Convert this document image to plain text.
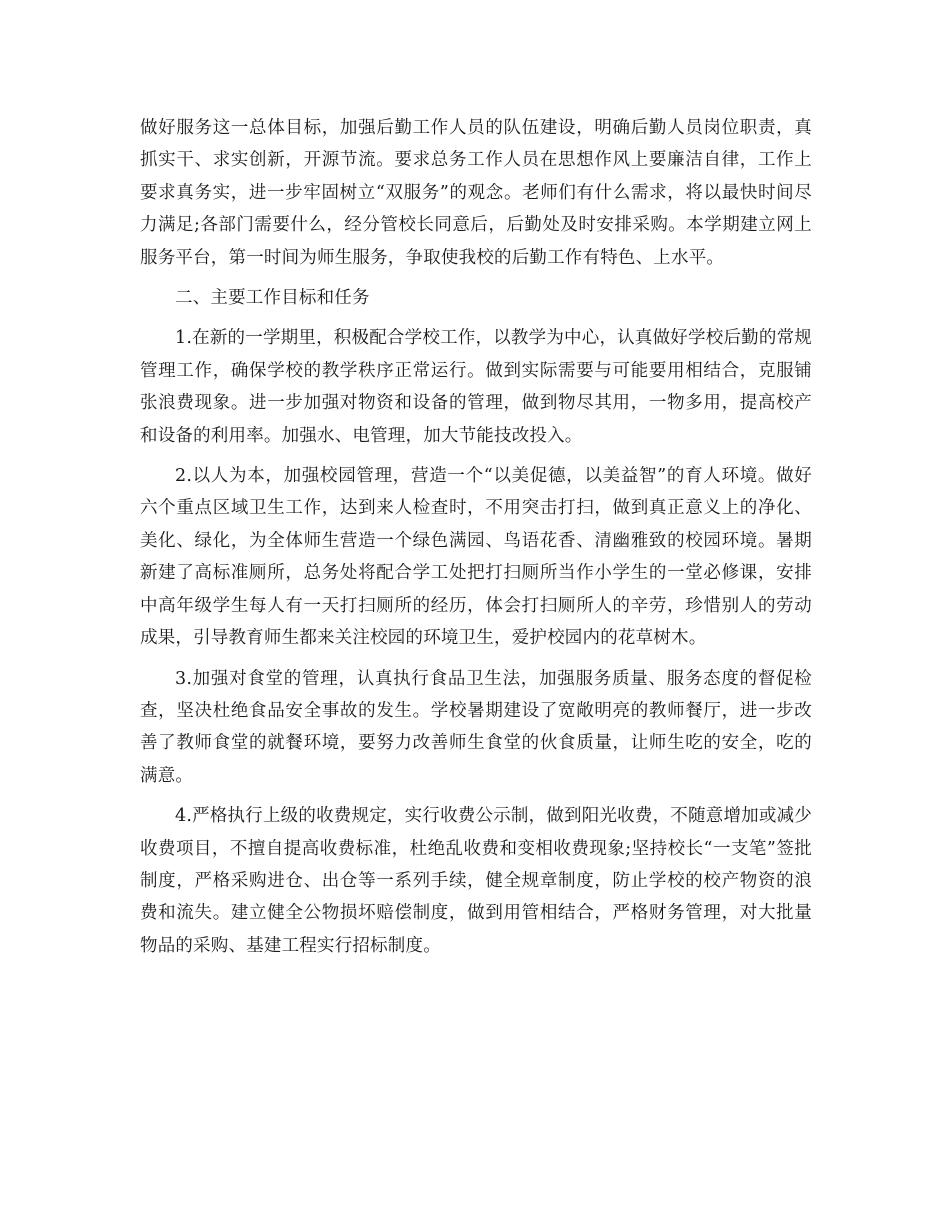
做好服务这一总体目标，加强后勤工作人员的队伍建设，明确后勤人员岗位职责，真抓实干、求实创新，开源节流。要求总务工作人员在思想作风上要廉洁自律，工作上要求真务实，进一步牢固树立“双服务”的观念。老师们有什么需求，将以最快时间尽力满足;各部门需要什么，经分管校长同意后，后勤处及时安排采购。本学期建立网上服务平台，第一时间为师生服务，争取使我校的后勤工作有特色、上水平。

二、主要工作目标和任务

1.在新的一学期里，积极配合学校工作，以教学为中心，认真做好学校后勤的常规管理工作，确保学校的教学秩序正常运行。做到实际需要与可能要用相结合，克服铺张浪费现象。进一步加强对物资和设备的管理，做到物尽其用，一物多用，提高校产和设备的利用率。加强水、电管理，加大节能技改投入。

2.以人为本，加强校园管理，营造一个“以美促德，以美益智”的育人环境。做好六个重点区域卫生工作，达到来人检查时，不用突击打扫，做到真正意义上的净化、美化、绿化，为全体师生营造一个绿色满园、鸟语花香、清幽雅致的校园环境。暑期新建了高标准厕所，总务处将配合学工处把打扫厕所当作小学生的一堂必修课，安排中高年级学生每人有一天打扫厕所的经历，体会打扫厕所人的辛劳，珍惜别人的劳动成果，引导教育师生都来关注校园的环境卫生，爱护校园内的花草树木。

3.加强对食堂的管理，认真执行食品卫生法，加强服务质量、服务态度的督促检查，坚决杜绝食品安全事故的发生。学校暑期建设了宽敞明亮的教师餐厅，进一步改善了教师食堂的就餐环境，要努力改善师生食堂的伙食质量，让师生吃的安全，吃的满意。

4.严格执行上级的收费规定，实行收费公示制，做到阳光收费，不随意增加或减少收费项目，不擅自提高收费标准，杜绝乱收费和变相收费现象;坚持校长“一支笔”签批制度，严格采购进仓、出仓等一系列手续，健全规章制度，防止学校的校产物资的浪费和流失。建立健全公物损坏赔偿制度，做到用管相结合，严格财务管理，对大批量物品的采购、基建工程实行招标制度。
